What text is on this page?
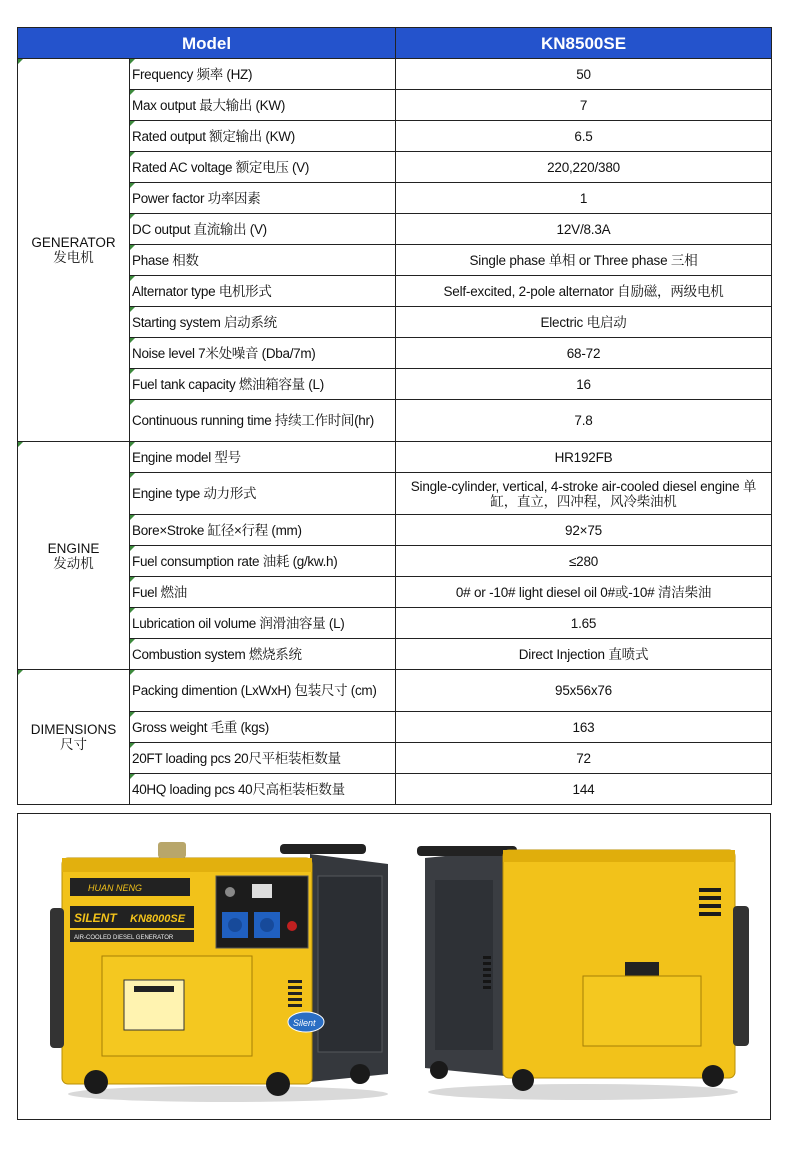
Model		KN8500SE

GENERATOR
发电机	Frequency 频率 (HZ)	50
	Max output 最大输出 (KW)	7
	Rated output 额定输出 (KW)	6.5
	Rated AC voltage 额定电压 (V)	220,220/380
	Power factor 功率因素	1
	DC output 直流输出 (V)	12V/8.3A
	Phase 相数	Single phase 单相 or Three phase 三相
	Alternator type 电机形式	Self-excited, 2-pole alternator 自励磁，两级电机
	Starting system 启动系统	Electric 电启动
	Noise level 7米处噪音 (Dba/7m)	68-72
	Fuel tank capacity 燃油箱容量 (L)	16
	Continuous running time 持续工作时间(hr)	7.8

ENGINE
发动机	Engine model 型号	HR192FB
	Engine type 动力形式	Single-cylinder, vertical, 4-stroke air-cooled diesel engine 单缸，直立，四冲程，风冷柴油机
	Bore×Stroke 缸径×行程 (mm)	92×75
	Fuel consumption rate 油耗 (g/kw.h)	≤280
	Fuel 燃油	0# or -10# light diesel oil 0#或-10# 清洁柴油
	Lubrication oil volume 润滑油容量 (L)	1.65
	Combustion system 燃烧系统	Direct Injection 直喷式

DIMENSIONS
尺寸	Packing dimention (LxWxH) 包装尺寸 (cm)	95x56x76
	Gross weight 毛重 (kgs)	163
	20FT loading pcs 20尺平柜装柜数量	72
	40HQ loading pcs 40尺高柜装柜数量	144
HUAN NENG
SILENT KN8000SE
AIR-COOLED DIESEL GENERATOR
Silent
